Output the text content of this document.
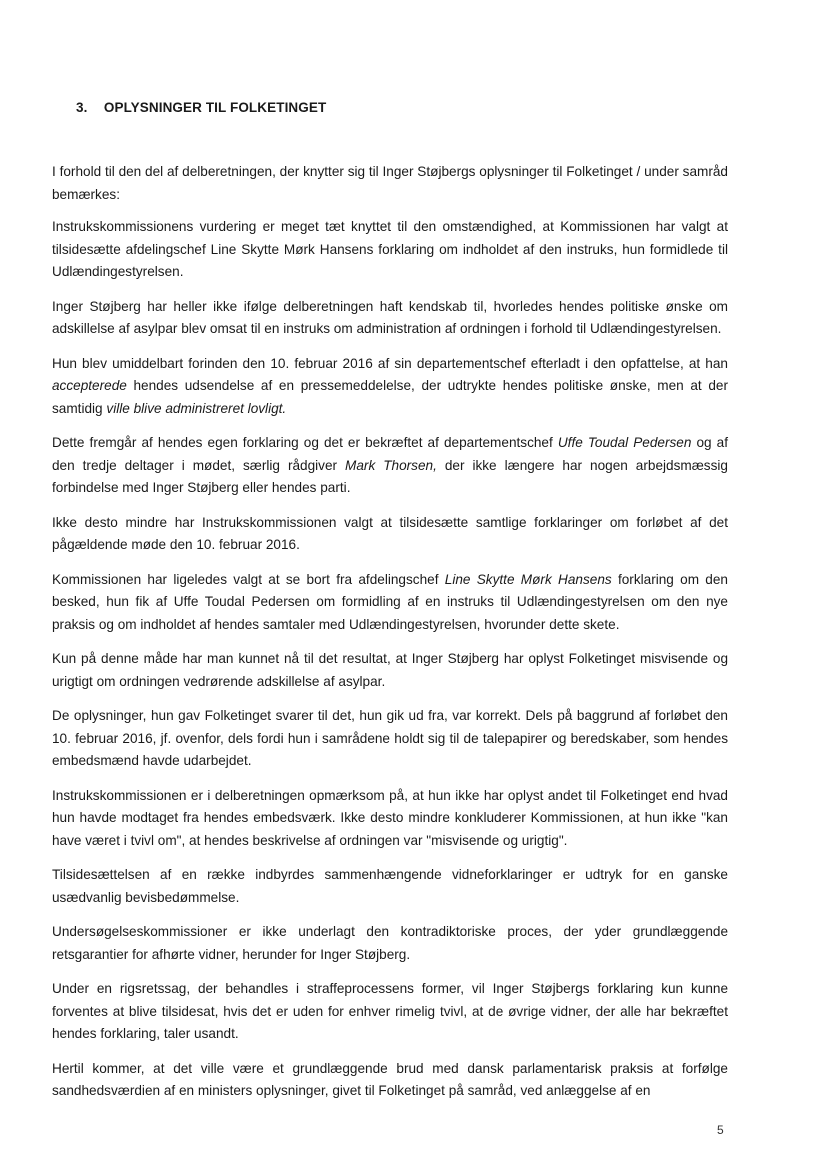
3. OPLYSNINGER TIL FOLKETINGET

I forhold til den del af delberetningen, der knytter sig til Inger Støjbergs oplysninger til Folketinget / under samråd bemærkes:

Instrukskommissionens vurdering er meget tæt knyttet til den omstændighed, at Kommissionen har valgt at tilsidesætte afdelingschef Line Skytte Mørk Hansens forklaring om indholdet af den instruks, hun formidlede til Udlændingestyrelsen.

Inger Støjberg har heller ikke ifølge delberetningen haft kendskab til, hvorledes hendes politiske ønske om adskillelse af asylpar blev omsat til en instruks om administration af ordningen i forhold til Udlændingestyrelsen.

Hun blev umiddelbart forinden den 10. februar 2016 af sin departementschef efterladt i den opfattelse, at han accepterede hendes udsendelse af en pressemeddelelse, der udtrykte hendes politiske ønske, men at der samtidig ville blive administreret lovligt.

Dette fremgår af hendes egen forklaring og det er bekræftet af departementschef Uffe Toudal Pedersen og af den tredje deltager i mødet, særlig rådgiver Mark Thorsen, der ikke længere har nogen arbejdsmæssig forbindelse med Inger Støjberg eller hendes parti.

Ikke desto mindre har Instrukskommissionen valgt at tilsidesætte samtlige forklaringer om forløbet af det pågældende møde den 10. februar 2016.

Kommissionen har ligeledes valgt at se bort fra afdelingschef Line Skytte Mørk Hansens forklaring om den besked, hun fik af Uffe Toudal Pedersen om formidling af en instruks til Udlændingestyrelsen om den nye praksis og om indholdet af hendes samtaler med Udlændingestyrelsen, hvorunder dette skete.

Kun på denne måde har man kunnet nå til det resultat, at Inger Støjberg har oplyst Folketinget misvisende og urigtigt om ordningen vedrørende adskillelse af asylpar.

De oplysninger, hun gav Folketinget svarer til det, hun gik ud fra, var korrekt. Dels på baggrund af forløbet den 10. februar 2016, jf. ovenfor, dels fordi hun i samrådene holdt sig til de talepapirer og beredskaber, som hendes embedsmænd havde udarbejdet.

Instrukskommissionen er i delberetningen opmærksom på, at hun ikke har oplyst andet til Folketinget end hvad hun havde modtaget fra hendes embedsværk. Ikke desto mindre konkluderer Kommissionen, at hun ikke "kan have været i tvivl om", at hendes beskrivelse af ordningen var "misvisende og urigtig".

Tilsidesættelsen af en række indbyrdes sammenhængende vidneforklaringer er udtryk for en ganske usædvanlig bevisbedømmelse.

Undersøgelseskommissioner er ikke underlagt den kontradiktoriske proces, der yder grundlæggende retsgarantier for afhørte vidner, herunder for Inger Støjberg.

Under en rigsretssag, der behandles i straffeprocessens former, vil Inger Støjbergs forklaring kun kunne forventes at blive tilsidesat, hvis det er uden for enhver rimelig tvivl, at de øvrige vidner, der alle har bekræftet hendes forklaring, taler usandt.

Hertil kommer, at det ville være et grundlæggende brud med dansk parlamentarisk praksis at forfølge sandhedsværdien af en ministers oplysninger, givet til Folketinget på samråd, ved anlæggelse af en

5
